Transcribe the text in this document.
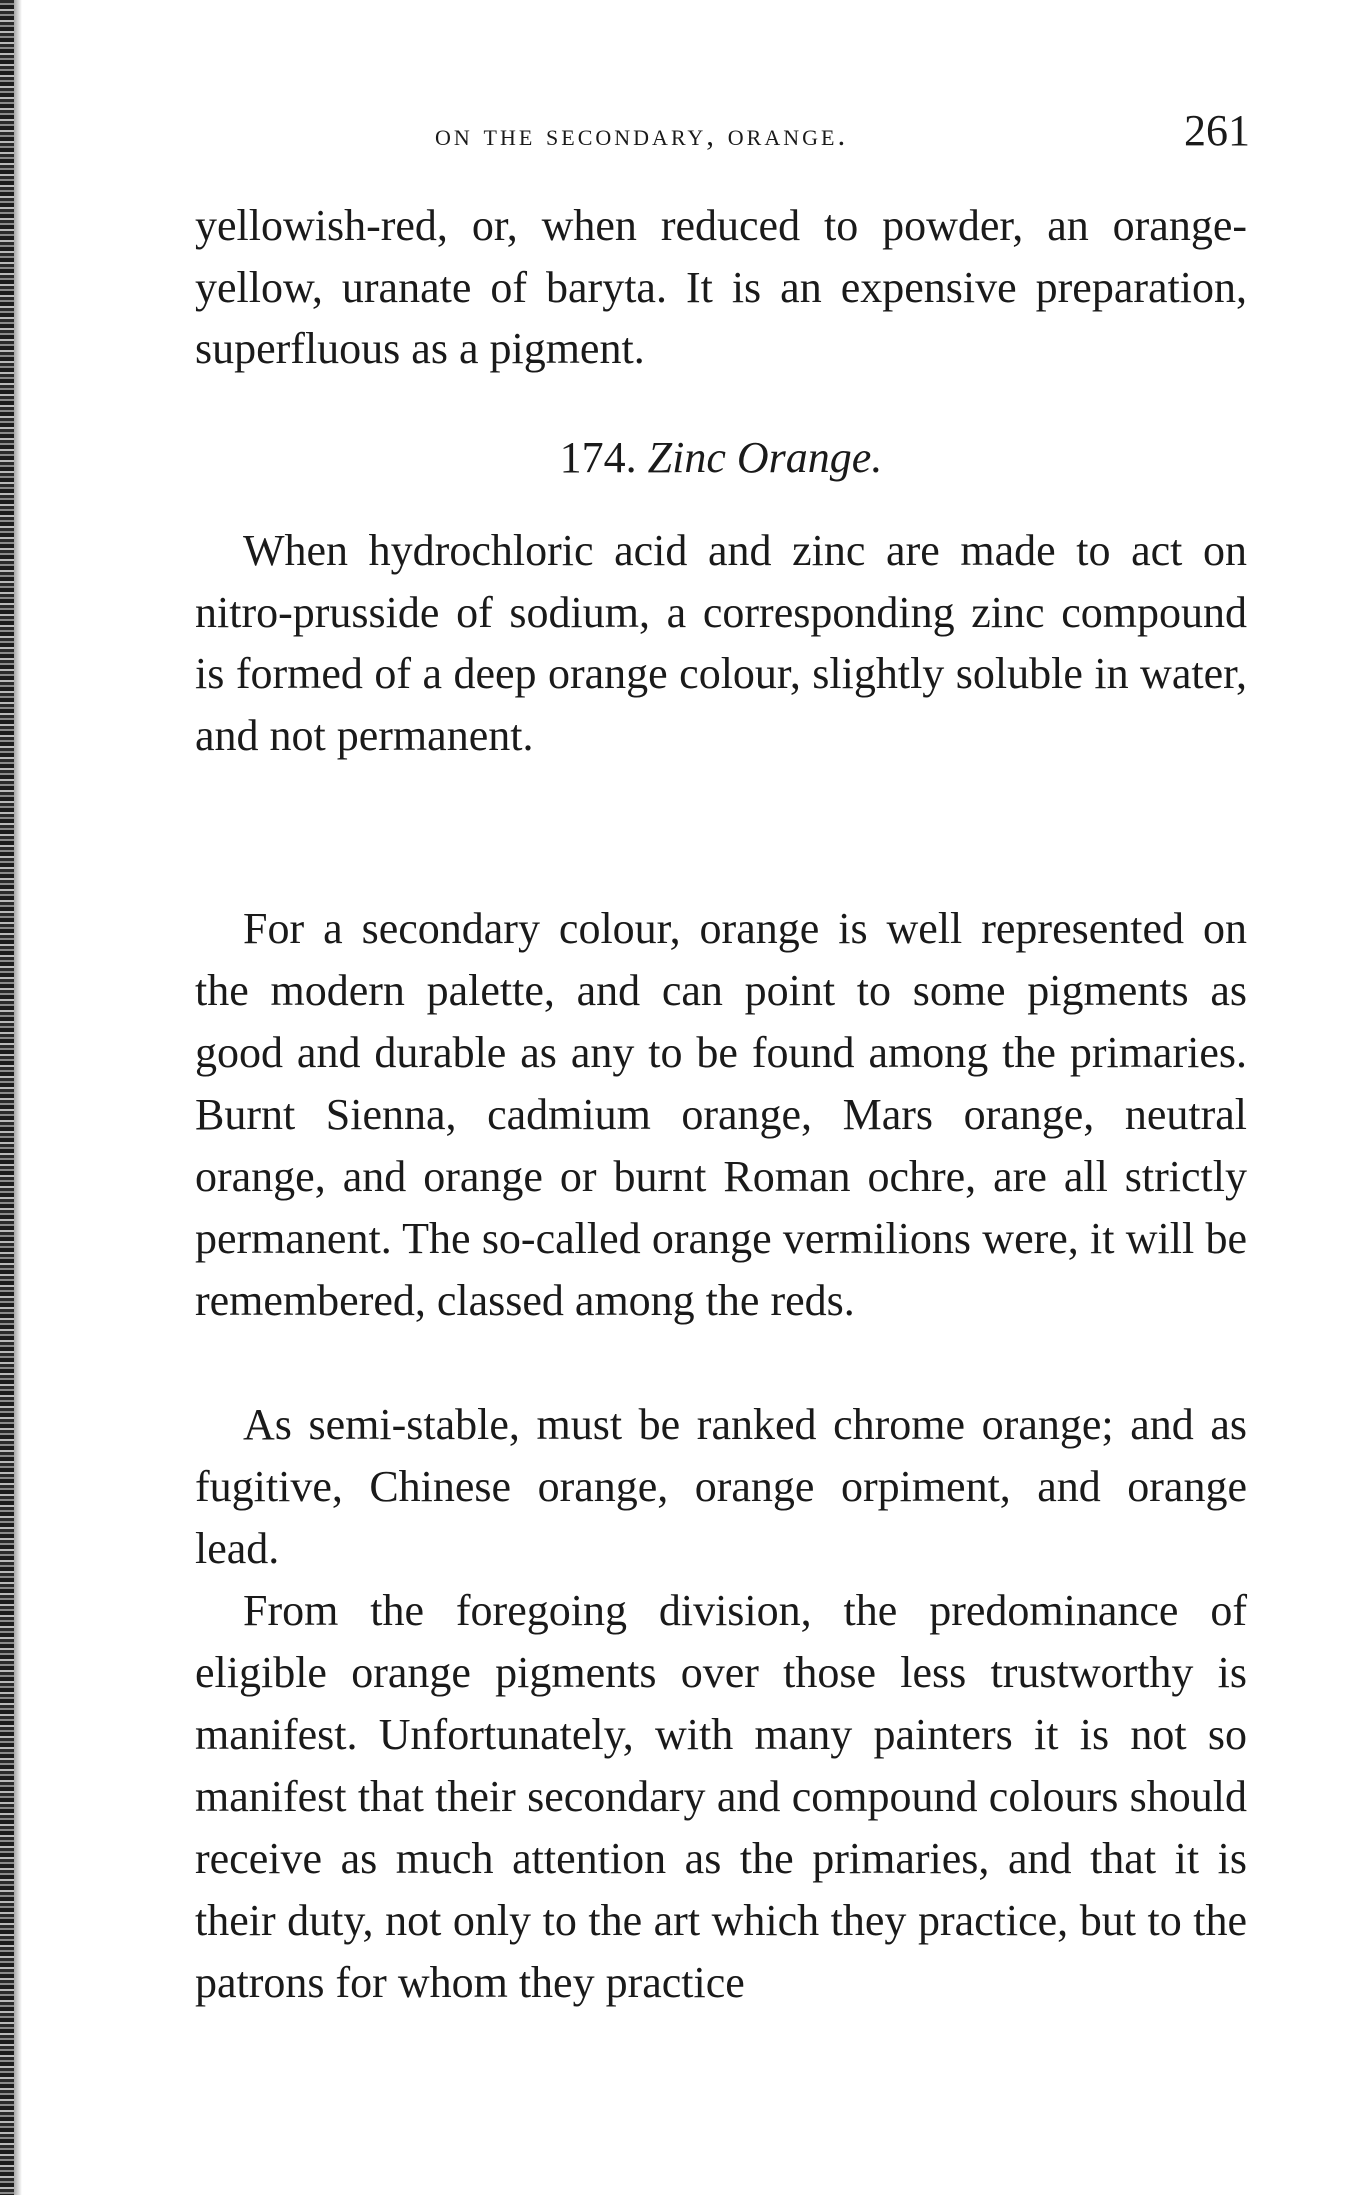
on the secondary, orange.	261

yellowish-red, or, when reduced to powder, an orange-yellow, uranate of baryta. It is an expensive preparation, superfluous as a pigment.

174. Zinc Orange.

When hydrochloric acid and zinc are made to act on nitro-prusside of sodium, a corresponding zinc compound is formed of a deep orange colour, slightly soluble in water, and not permanent.

For a secondary colour, orange is well represented on the modern palette, and can point to some pigments as good and durable as any to be found among the primaries. Burnt Sienna, cadmium orange, Mars orange, neutral orange, and orange or burnt Roman ochre, are all strictly permanent. The so-called orange vermilions were, it will be remembered, classed among the reds.

As semi-stable, must be ranked chrome orange; and as fugitive, Chinese orange, orange orpiment, and orange lead.

From the foregoing division, the predominance of eligible orange pigments over those less trustworthy is manifest. Unfortunately, with many painters it is not so manifest that their secondary and compound colours should receive as much attention as the primaries, and that it is their duty, not only to the art which they practice, but to the patrons for whom they practice
